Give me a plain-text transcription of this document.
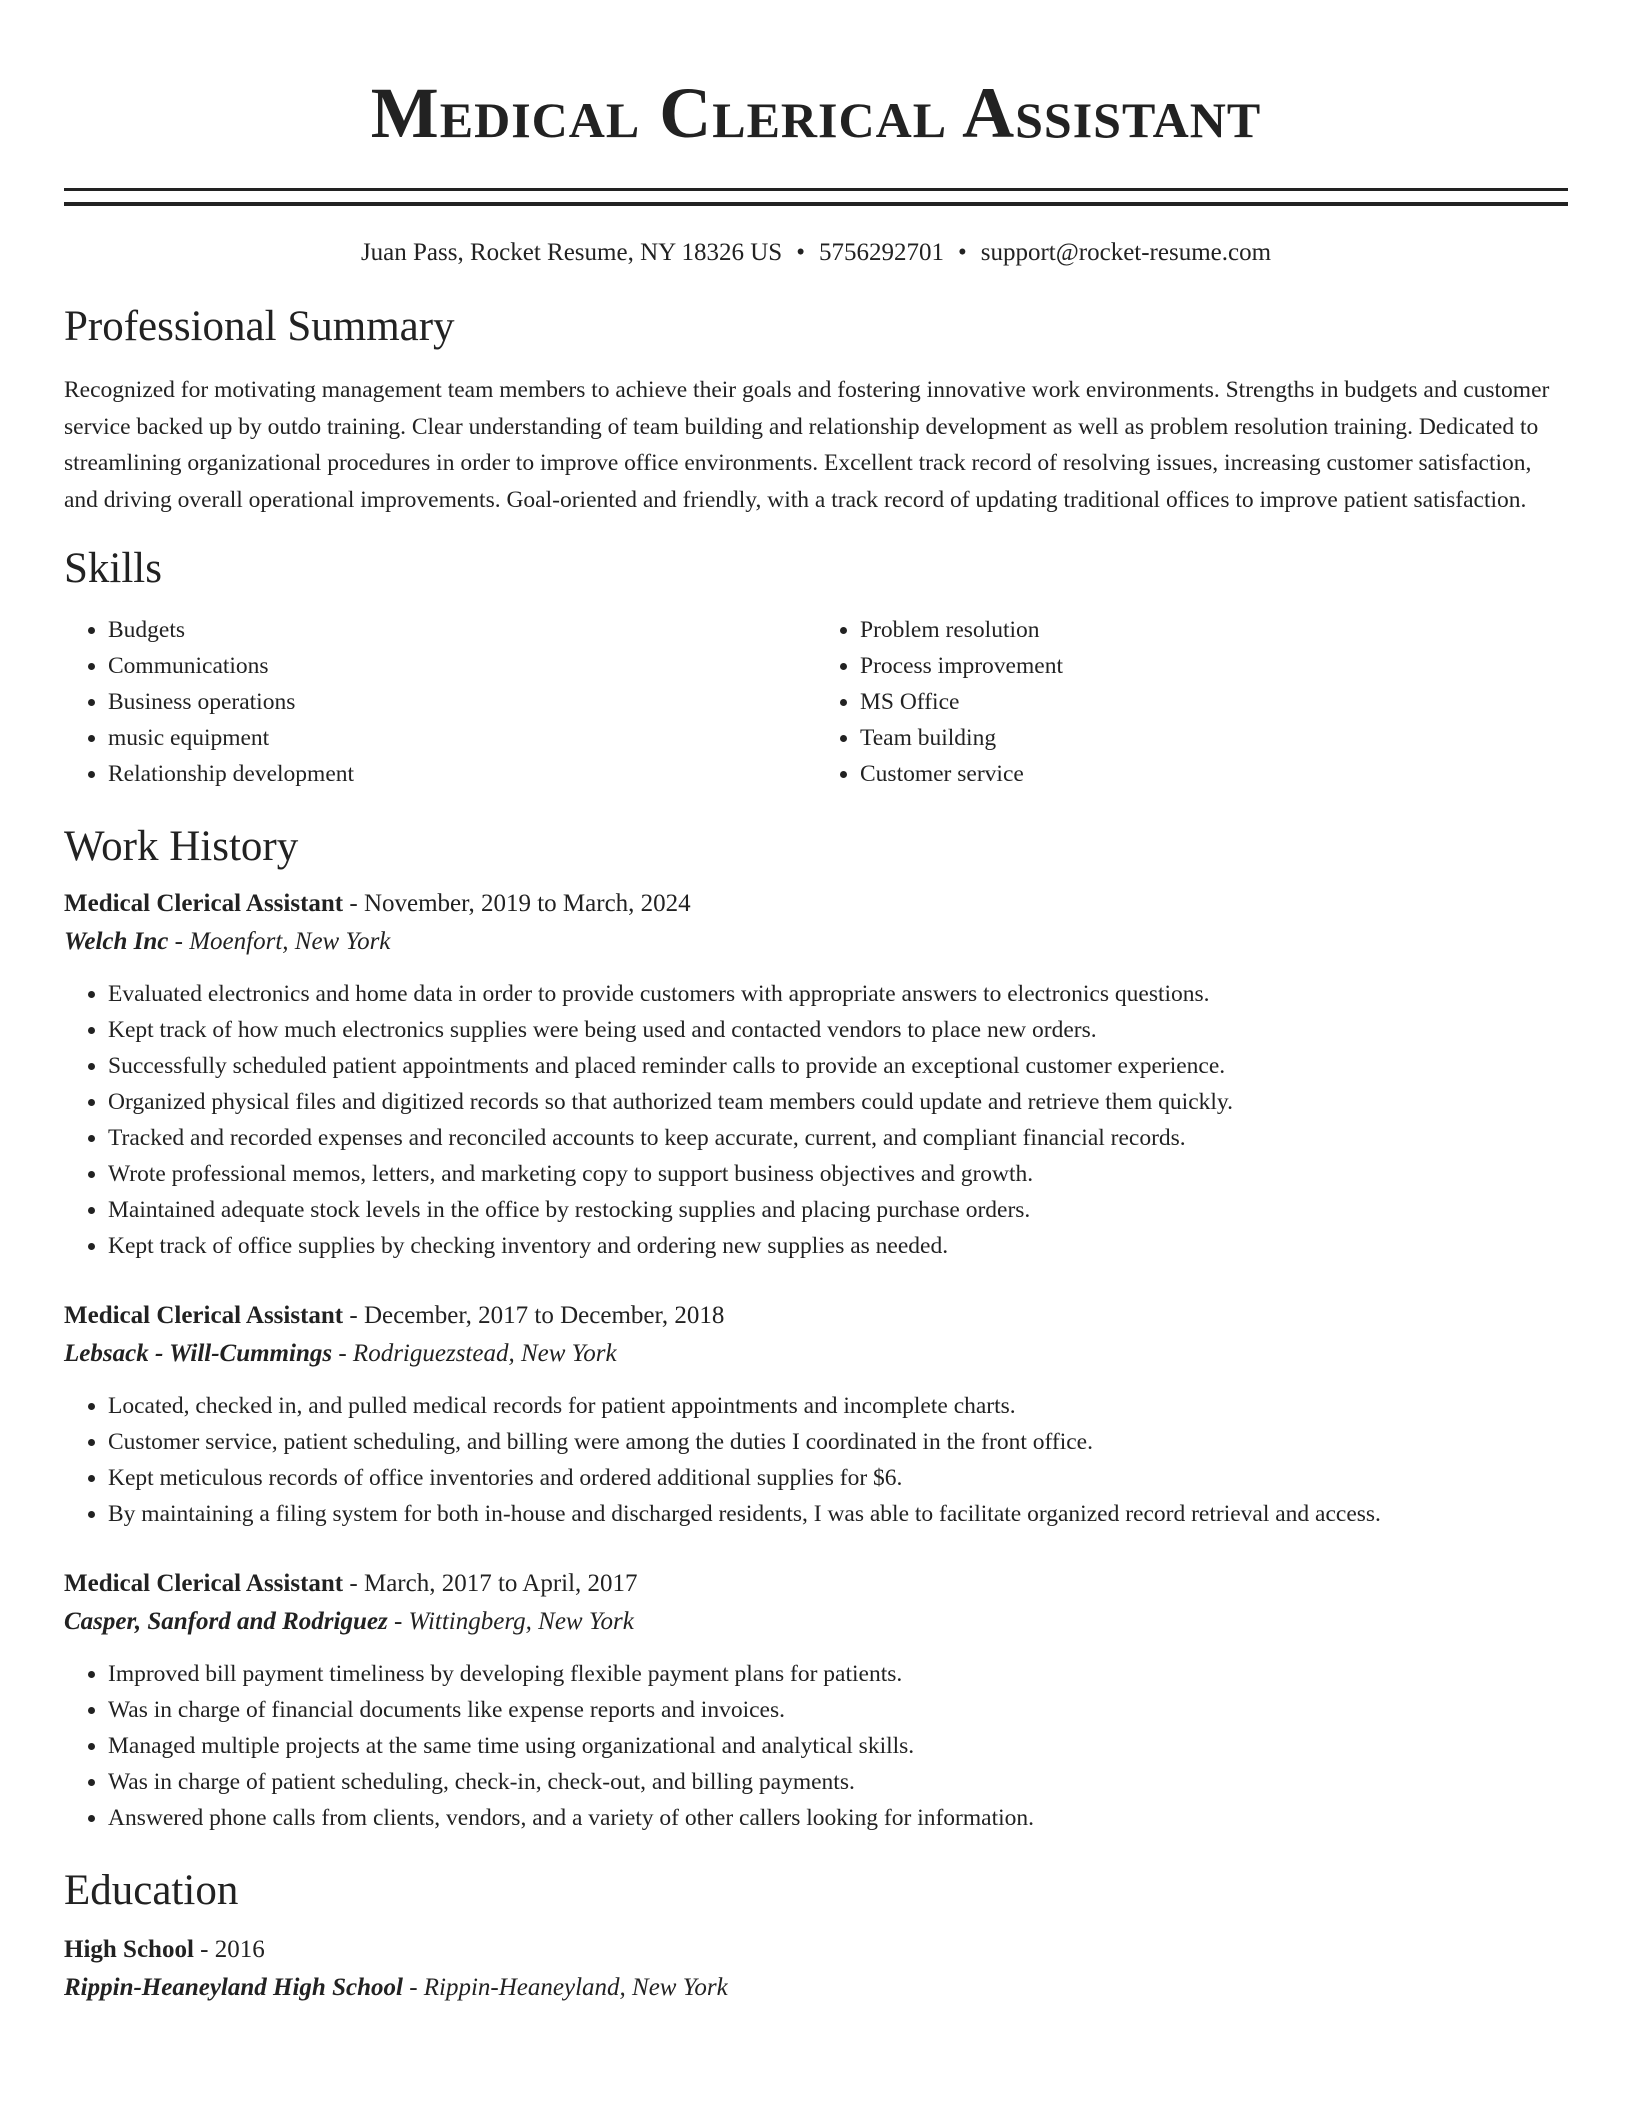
Medical Clerical Assistant
Juan Pass, Rocket Resume, NY 18326 US • 5756292701 • support@rocket-resume.com
Professional Summary

Recognized for motivating management team members to achieve their goals and fostering innovative work environments. Strengths in budgets and customer service backed up by outdo training. Clear understanding of team building and relationship development as well as problem resolution training. Dedicated to streamlining organizational procedures in order to improve office environments. Excellent track record of resolving issues, increasing customer satisfaction, and driving overall operational improvements. Goal-oriented and friendly, with a track record of updating traditional offices to improve patient satisfaction.

Skills
• Budgets
• Communications
• Business operations
• music equipment
• Relationship development
• Problem resolution
• Process improvement
• MS Office
• Team building
• Customer service
Work History
Medical Clerical Assistant - November, 2019 to March, 2024
Welch Inc - Moenfort, New York
• Evaluated electronics and home data in order to provide customers with appropriate answers to electronics questions.
• Kept track of how much electronics supplies were being used and contacted vendors to place new orders.
• Successfully scheduled patient appointments and placed reminder calls to provide an exceptional customer experience.
• Organized physical files and digitized records so that authorized team members could update and retrieve them quickly.
• Tracked and recorded expenses and reconciled accounts to keep accurate, current, and compliant financial records.
• Wrote professional memos, letters, and marketing copy to support business objectives and growth.
• Maintained adequate stock levels in the office by restocking supplies and placing purchase orders.
• Kept track of office supplies by checking inventory and ordering new supplies as needed.
Medical Clerical Assistant - December, 2017 to December, 2018
Lebsack - Will-Cummings - Rodriguezstead, New York
• Located, checked in, and pulled medical records for patient appointments and incomplete charts.
• Customer service, patient scheduling, and billing were among the duties I coordinated in the front office.
• Kept meticulous records of office inventories and ordered additional supplies for $6.
• By maintaining a filing system for both in-house and discharged residents, I was able to facilitate organized record retrieval and access.
Medical Clerical Assistant - March, 2017 to April, 2017
Casper, Sanford and Rodriguez - Wittingberg, New York
• Improved bill payment timeliness by developing flexible payment plans for patients.
• Was in charge of financial documents like expense reports and invoices.
• Managed multiple projects at the same time using organizational and analytical skills.
• Was in charge of patient scheduling, check-in, check-out, and billing payments.
• Answered phone calls from clients, vendors, and a variety of other callers looking for information.
Education
High School - 2016
Rippin-Heaneyland High School - Rippin-Heaneyland, New York
